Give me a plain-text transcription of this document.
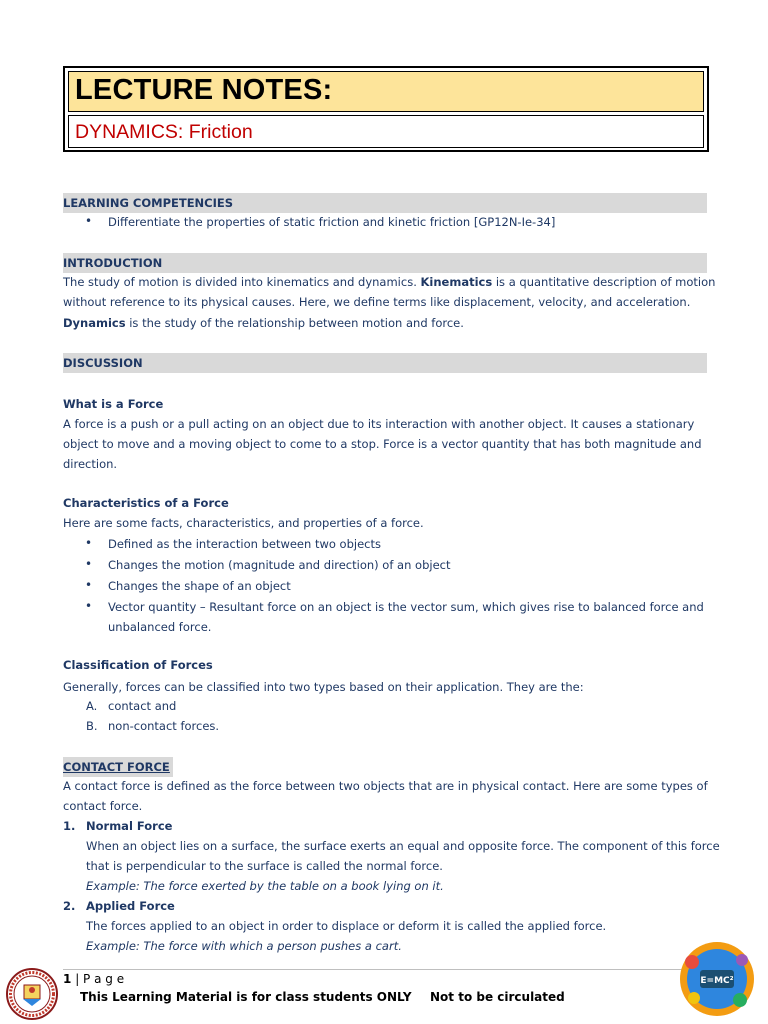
LECTURE NOTES:
DYNAMICS: Friction
LEARNING COMPETENCIES
• Differentiate the properties of static friction and kinetic friction [GP12N-Ie-34]
INTRODUCTION
The study of motion is divided into kinematics and dynamics. Kinematics is a quantitative description of motion
without reference to its physical causes. Here, we define terms like displacement, velocity, and acceleration.
Dynamics is the study of the relationship between motion and force.
DISCUSSION
What is a Force
A force is a push or a pull acting on an object due to its interaction with another object. It causes a stationary
object to move and a moving object to come to a stop. Force is a vector quantity that has both magnitude and
direction.
Characteristics of a Force
Here are some facts, characteristics, and properties of a force.
• Defined as the interaction between two objects
• Changes the motion (magnitude and direction) of an object
• Changes the shape of an object
• Vector quantity – Resultant force on an object is the vector sum, which gives rise to balanced force and
unbalanced force.
Classification of Forces
Generally, forces can be classified into two types based on their application. They are the:
A. contact and
B. non-contact forces.
CONTACT FORCE
A contact force is defined as the force between two objects that are in physical contact. Here are some types of
contact force.
1. Normal Force
When an object lies on a surface, the surface exerts an equal and opposite force. The component of this force
that is perpendicular to the surface is called the normal force.
Example: The force exerted by the table on a book lying on it.
2. Applied Force
The forces applied to an object in order to displace or deform it is called the applied force.
Example: The force with which a person pushes a cart.
1 | P a g e
This Learning Material is for class students ONLY Not to be circulated
E=MC²
